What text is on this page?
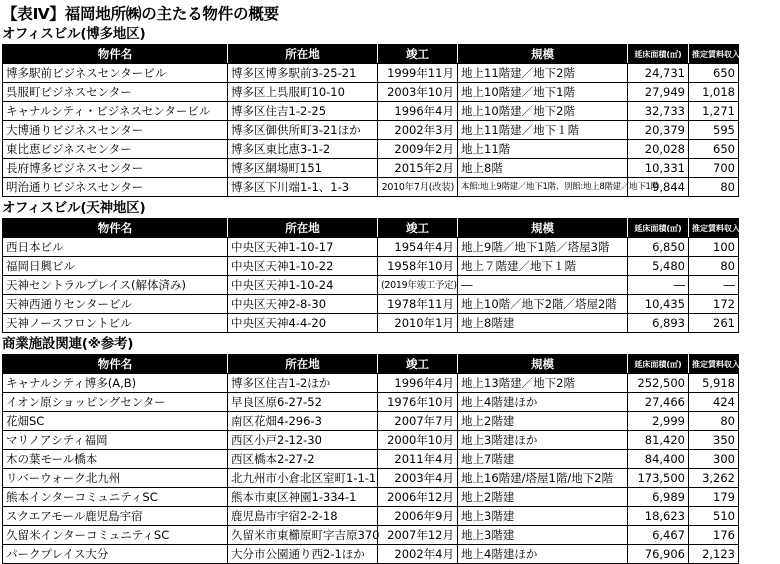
【表Ⅳ】福岡地所㈱の主たる物件の概要
オフィスビル(博多地区)
物件名	所在地	竣工	規模	延床面積(㎡)	推定賃料収入（百万円）
博多駅前ビジネスセンタービル	博多区博多駅前3-25-21	1999年11月	地上11階建／地下2階	24,731	650
呉服町ビジネスセンター	博多区上呉服町10-10	2003年10月	地上10階建／地下1階	27,949	1,018
キャナルシティ・ビジネスセンタービル	博多区住吉1-2-25	1996年4月	地上10階建／地下2階	32,733	1,271
大博通りビジネスセンター	博多区御供所町3-21ほか	2002年3月	地上11階建／地下１階	20,379	595
東比恵ビジネスセンター	博多区東比恵3-1-2	2009年2月	地上11階	20,028	650
長府博多ビジネスセンター	博多区網場町151	2015年2月	地上8階	10,331	700
明治通りビジネスセンター	博多区下川端1-1、1-3	2010年7月(改装)	本館:地上9階建／地下1階、別館:地上8階建／地下1階	9,844	80
オフィスビル(天神地区)
物件名	所在地	竣工	規模	延床面積(㎡)	推定賃料収入（百万円）
西日本ビル	中央区天神1-10-17	1954年4月	地上9階／地下1階／塔屋3階	6,850	100
福岡日興ビル	中央区天神1-10-22	1958年10月	地上７階建／地下１階	5,480	80
天神セントラルプレイス(解体済み)	中央区天神1-10-24	(2019年竣工予定)	―	―	―
天神西通りセンタービル	中央区天神2-8-30	1978年11月	地上10階／地下2階／塔屋2階	10,435	172
天神ノースフロントビル	中央区天神4-4-20	2010年1月	地上8階建	6,893	261
商業施設関連(※参考)
物件名	所在地	竣工	規模	延床面積(㎡)	推定賃料収入（百万円）
キャナルシティ博多(A,B)	博多区住吉1-2ほか	1996年4月	地上13階建／地下2階	252,500	5,918
イオン原ショッピングセンター	早良区原6-27-52	1976年10月	地上4階建ほか	27,466	424
花畑SC	南区花畑4-296-3	2007年7月	地上2階建	2,999	80
マリノアシティ福岡	西区小戸2-12-30	2000年10月	地上3階建ほか	81,420	350
木の葉モール橋本	西区橋本2-27-2	2011年4月	地上7階建	84,400	300
リバーウォーク北九州	北九州市小倉北区室町1-1-1	2003年4月	地上16階建/塔屋1階/地下2階	173,500	3,262
熊本インターコミュニティSC	熊本市東区神園1-334-1	2006年12月	地上2階建	6,989	179
スクエアモール鹿児島宇宿	鹿児島市宇宿2-2-18	2006年9月	地上3階建	18,623	510
久留米インターコミュニティSC	久留米市東櫛原町字吉原370	2007年12月	地上3階建	6,467	176
パークプレイス大分	大分市公園通り西2-1ほか	2002年4月	地上4階建ほか	76,906	2,123
